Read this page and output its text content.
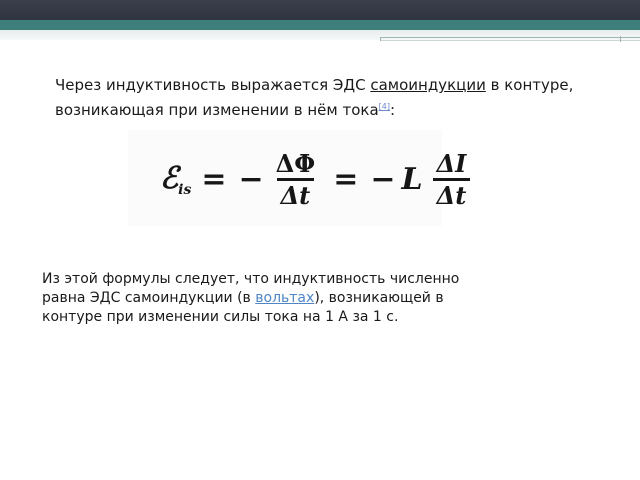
Через индуктивность выражается ЭДС самоиндукции в контуре, возникающая при изменении в нём тока[4]:
ℰ$_{is}$ = − $\frac{\Delta\Phi}{\Delta t}$ = − L $\frac{\Delta I}{\Delta t}$
Из этой формулы следует, что индуктивность численно равна ЭДС самоиндукции (в вольтах), возникающей в контуре при изменении силы тока на 1 А за 1 с.
